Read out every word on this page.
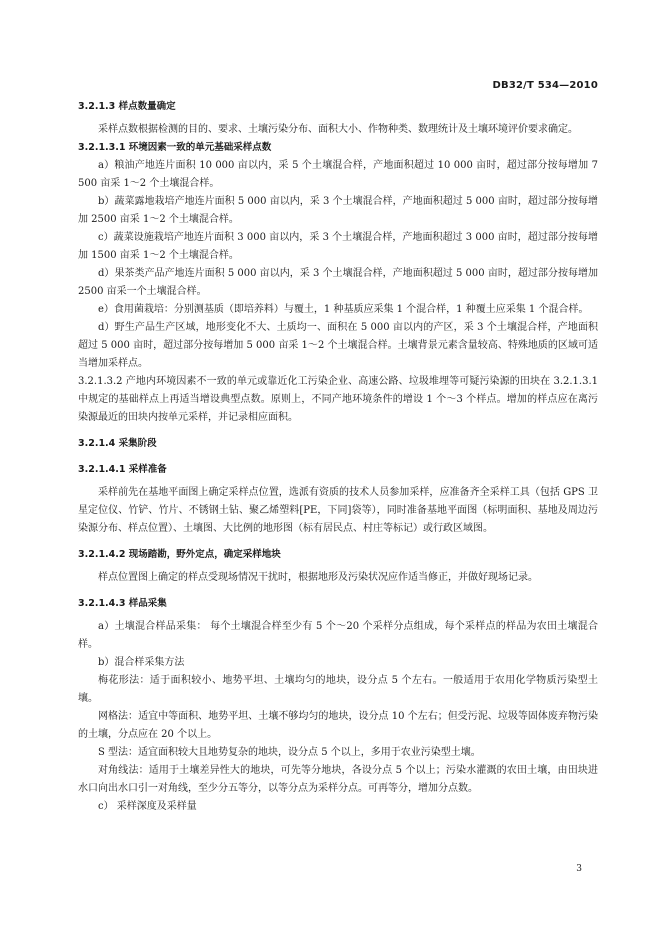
DB32/T 534—2010

3.2.1.3 样点数量确定

采样点数根据检测的目的、要求、土壤污染分布、面积大小、作物种类、数理统计及土壤环境评价要求确定。

3.2.1.3.1 环境因素一致的单元基础采样点数

a）粮油产地连片面积 10 000 亩以内，采 5 个土壤混合样，产地面积超过 10 000 亩时，超过部分按每增加 7 500 亩采 1～2 个土壤混合样。

b）蔬菜露地栽培产地连片面积 5 000 亩以内，采 3 个土壤混合样，产地面积超过 5 000 亩时，超过部分按每增加 2500 亩采 1～2 个土壤混合样。

c）蔬菜设施栽培产地连片面积 3 000 亩以内，采 3 个土壤混合样，产地面积超过 3 000 亩时，超过部分按每增加 1500 亩采 1～2 个土壤混合样。

d）果茶类产品产地连片面积 5 000 亩以内，采 3 个土壤混合样，产地面积超过 5 000 亩时，超过部分按每增加 2500 亩采一个土壤混合样。

e）食用菌栽培：分别测基质（即培养料）与覆土，1 种基质应采集 1 个混合样，1 种覆土应采集 1 个混合样。

d）野生产品生产区域，地形变化不大、土质均一、面积在 5 000 亩以内的产区，采 3 个土壤混合样，产地面积超过 5 000 亩时，超过部分按每增加 5 000 亩采 1～2 个土壤混合样。土壤背景元素含量较高、特殊地质的区域可适当增加采样点。

3.2.1.3.2 产地内环境因素不一致的单元或靠近化工污染企业、高速公路、垃圾堆埋等可疑污染源的田块在 3.2.1.3.1 中规定的基础样点上再适当增设典型点数。原则上，不同产地环境条件的增设 1 个～3 个样点。增加的样点应在离污染源最近的田块内按单元采样，并记录相应面积。

3.2.1.4 采集阶段

3.2.1.4.1 采样准备

采样前先在基地平面图上确定采样点位置，选派有资质的技术人员参加采样，应准备齐全采样工具（包括 GPS 卫星定位仪、竹铲、竹片、不锈钢土钻、聚乙烯塑料[PE，下同]袋等），同时准备基地平面图（标明面积、基地及周边污染源分布、样点位置）、土壤图、大比例的地形图（标有居民点、村庄等标记）或行政区域图。

3.2.1.4.2 现场踏勘，野外定点，确定采样地块

样点位置图上确定的样点受现场情况干扰时，根据地形及污染状况应作适当修正，并做好现场记录。

3.2.1.4.3 样品采集

a）土壤混合样品采集： 每个土壤混合样至少有 5 个～20 个采样分点组成，每个采样点的样品为农田土壤混合样。

b）混合样采集方法

梅花形法：适于面积较小、地势平坦、土壤均匀的地块，设分点 5 个左右。一般适用于农用化学物质污染型土壤。

网格法：适宜中等面积、地势平坦、土壤不够均匀的地块，设分点 10 个左右；但受污泥、垃圾等固体废弃物污染的土壤，分点应在 20 个以上。

S 型法：适宜面积较大且地势复杂的地块，设分点 5 个以上，多用于农业污染型土壤。

对角线法：适用于土壤差异性大的地块，可先等分地块，各设分点 5 个以上；污染水灌溉的农田土壤，由田块进水口向出水口引一对角线，至少分五等分，以等分点为采样分点。可再等分，增加分点数。

c） 采样深度及采样量

3
